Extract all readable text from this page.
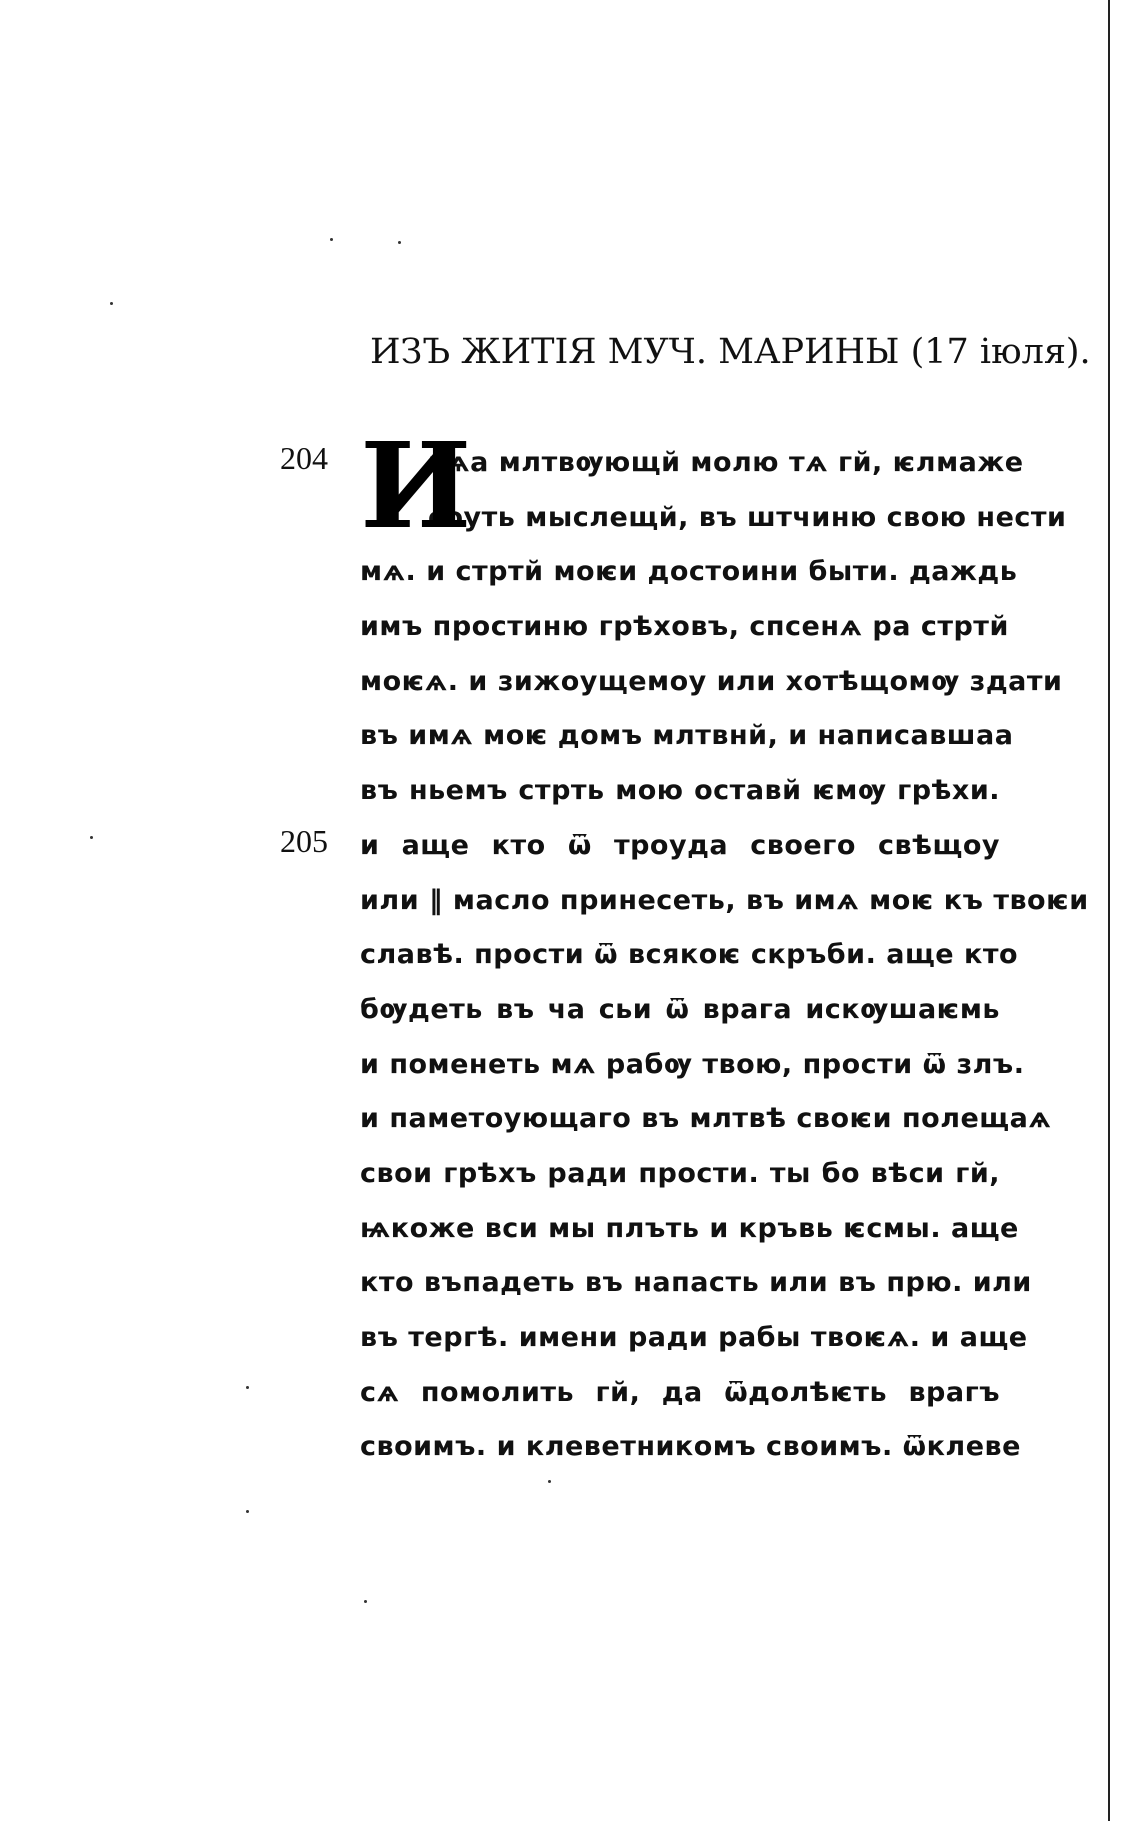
ИЗЪ ЖИТІЯ МУЧ. МАРИНЫ (17 іюля).
204
205
И
нѧа млтвѹющй молю тѧ гй, ѥлмаже
соуть мыслещй, въ штчиню свою нести
мѧ. и стртй моѥи достоини быти. даждь
имъ простиню грѣховъ, спсенѧ ра стртй
моѥѧ. и зижоущемоу или хотѣщомѹ здати
въ имѧ моѥ домъ млтвнй, и написавшаа
въ ньемъ стрть мою оставй ѥмѹ грѣхи.
и аще кто ѿ троуда своего свѣщоу
или ‖ масло принесеть, въ имѧ моѥ къ твоѥи
славѣ. прости ѿ всякоѥ скръби. аще кто
бѹдеть въ ча сьи ѿ врага искѹшаѥмь
и поменеть мѧ рабѹ твою, прости ѿ злъ.
и паметоующаго въ млтвѣ своѥи полещаѧ
свои грѣхъ ради прости. ты бо вѣси гй,
ѩкоже вси мы плъть и кръвь ѥсмы. аще
кто въпадеть въ напасть или въ прю. или
въ тергѣ. имени ради рабы твоѥѧ. и аще
сѧ помолить гй, да ѿдолѣѥть врагъ
своимъ. и клеветникомъ своимъ. ѿклеве
